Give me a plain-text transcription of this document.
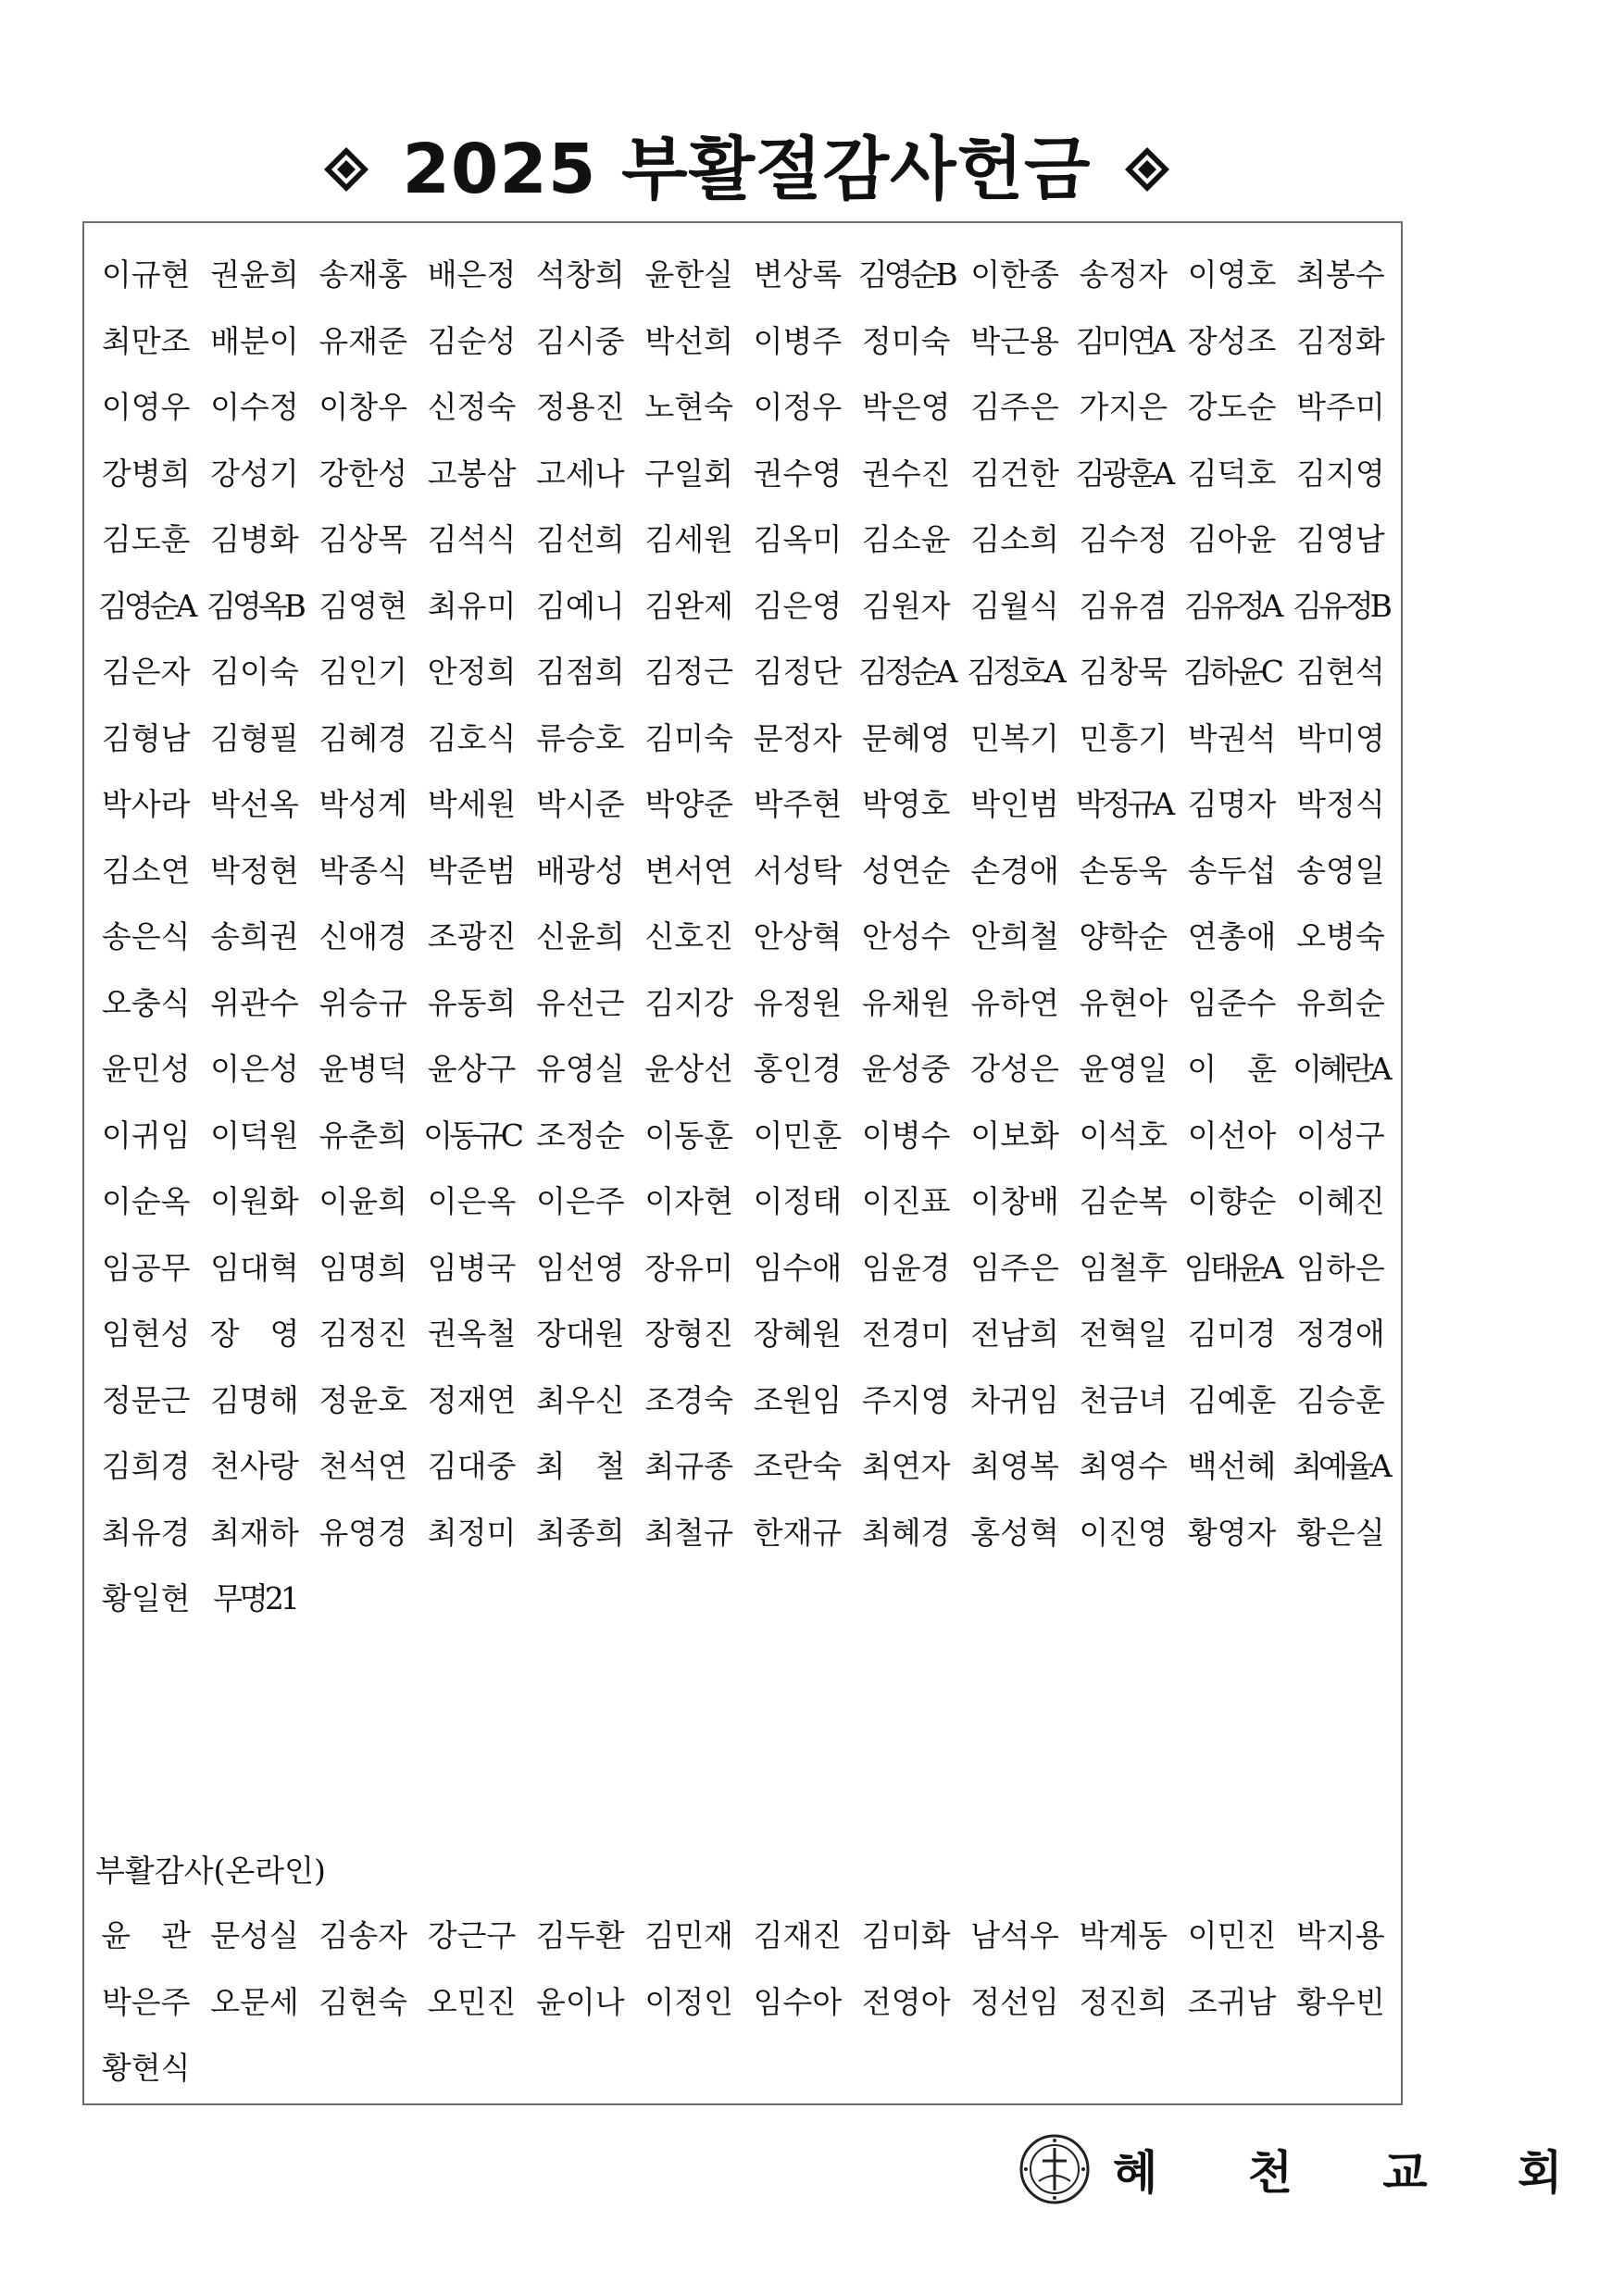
2025 부활절감사헌금
이규현 권윤희 송재홍 배은정 석창희 윤한실 변상록 김영순B 이한종 송정자 이영호 최봉수
최만조 배분이 유재준 김순성 김시중 박선희 이병주 정미숙 박근용 김미연A 장성조 김정화
이영우 이수정 이창우 신정숙 정용진 노현숙 이정우 박은영 김주은 가지은 강도순 박주미
강병희 강성기 강한성 고봉삼 고세나 구일회 권수영 권수진 김건한 김광훈A 김덕호 김지영
김도훈 김병화 김상목 김석식 김선희 김세원 김옥미 김소윤 김소희 김수정 김아윤 김영남
김영순A 김영옥B 김영현 최유미 김예니 김완제 김은영 김원자 김월식 김유겸 김유정A 김유정B
김은자 김이숙 김인기 안정희 김점희 김정근 김정단 김정순A 김정호A 김창묵 김하윤C 김현석
김형남 김형필 김혜경 김호식 류승호 김미숙 문정자 문혜영 민복기 민흥기 박권석 박미영
박사라 박선옥 박성계 박세원 박시준 박양준 박주현 박영호 박인범 박정규A 김명자 박정식
김소연 박정현 박종식 박준범 배광성 변서연 서성탁 성연순 손경애 손동욱 송두섭 송영일
송은식 송희권 신애경 조광진 신윤희 신호진 안상혁 안성수 안희철 양학순 연총애 오병숙
오충식 위관수 위승규 유동희 유선근 김지강 유정원 유채원 유하연 유현아 임준수 유희순
윤민성 이은성 윤병덕 윤상구 유영실 윤상선 홍인경 윤성중 강성은 윤영일 이　훈 이혜란A
이귀임 이덕원 유춘희 이동규C 조정순 이동훈 이민훈 이병수 이보화 이석호 이선아 이성구
이순옥 이원화 이윤희 이은옥 이은주 이자현 이정태 이진표 이창배 김순복 이향순 이혜진
임공무 임대혁 임명희 임병국 임선영 장유미 임수애 임윤경 임주은 임철후 임태윤A 임하은
임현성 장　영 김정진 권옥철 장대원 장형진 장혜원 전경미 전남희 전혁일 김미경 정경애
정문근 김명해 정윤호 정재연 최우신 조경숙 조원임 주지영 차귀임 천금녀 김예훈 김승훈
김희경 천사랑 천석연 김대중 최　철 최규종 조란숙 최연자 최영복 최영수 백선혜 최예율A
최유경 최재하 유영경 최정미 최종희 최철규 한재규 최혜경 홍성혁 이진영 황영자 황은실
황일현 무명21
부활감사(온라인)
윤　관 문성실 김송자 강근구 김두환 김민재 김재진 김미화 남석우 박계동 이민진 박지용
박은주 오문세 김현숙 오민진 윤이나 이정인 임수아 전영아 정선임 정진희 조귀남 황우빈
황현식
혜 천 교 회
